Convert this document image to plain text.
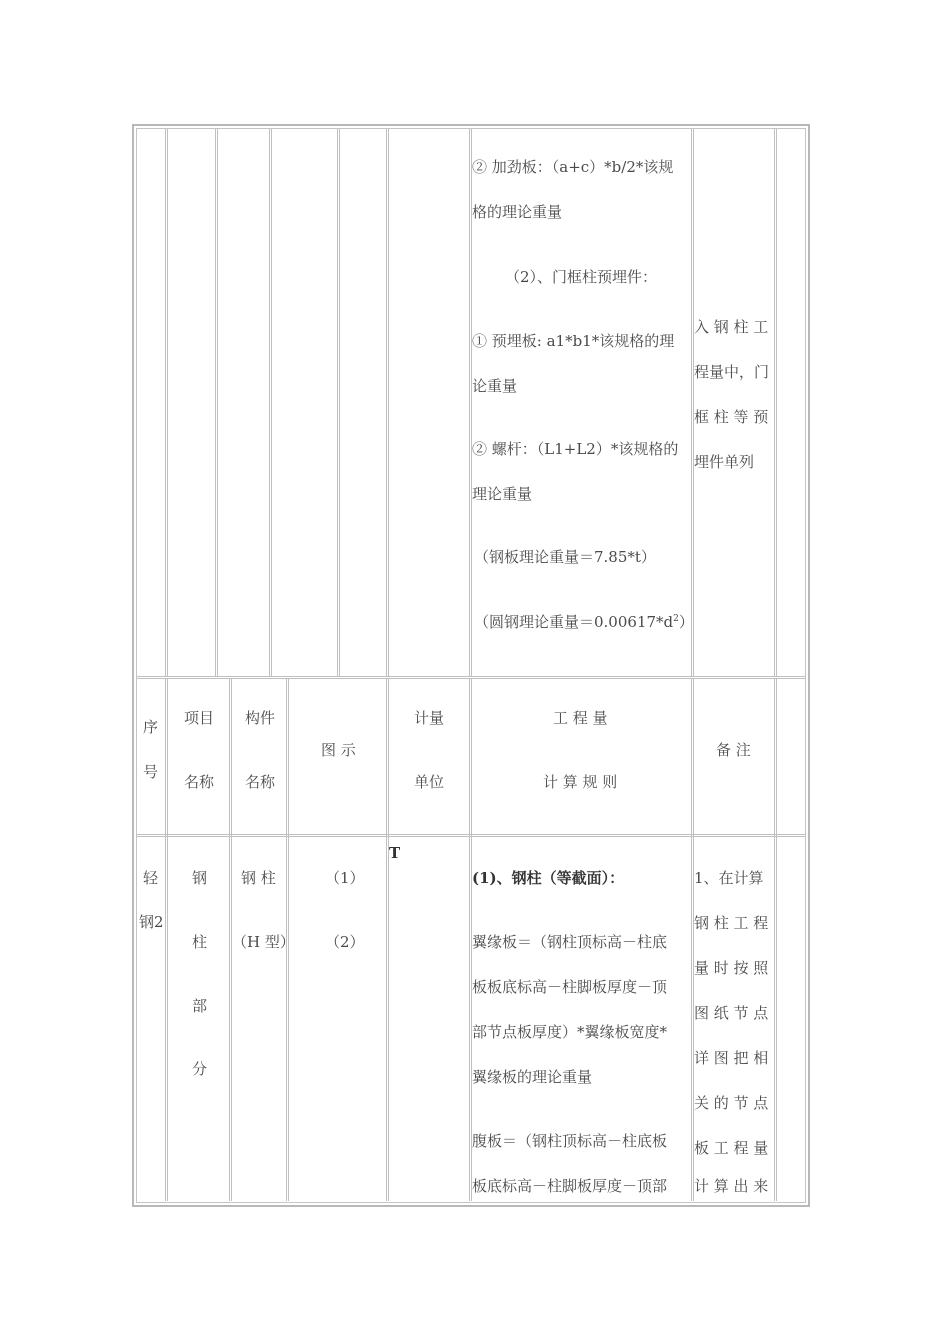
② 加劲板：（a+c）*b/2*该规
格的理论重量
（2）、门框柱预埋件：
① 预埋板: a1*b1*该规格的理
论重量
② 螺杆：（L1+L2）*该规格的
理论重量
（钢板理论重量＝7.85*t）
（圆钢理论重量$=0.00617*d^2$）
入 钢 柱 工
程量中，门
框 柱 等 预
埋件单列
序
号
项目
名称
构件
名称
图 示
计量
单位
工 程 量
计 算 规 则
备 注
轻
钢2
钢
柱
部
分
钢 柱
（H 型）
（1）
（2）
T
(1)、钢柱（等截面）：
翼缘板＝（钢柱顶标高－柱底
板板底标高－柱脚板厚度－顶
部节点板厚度）*翼缘板宽度*
翼缘板的理论重量
腹板＝（钢柱顶标高－柱底板
板底标高－柱脚板厚度－顶部
1、在计算
钢 柱 工 程
量 时 按 照
图 纸 节 点
详 图 把 相
关 的 节 点
板 工 程 量
计 算 出 来
